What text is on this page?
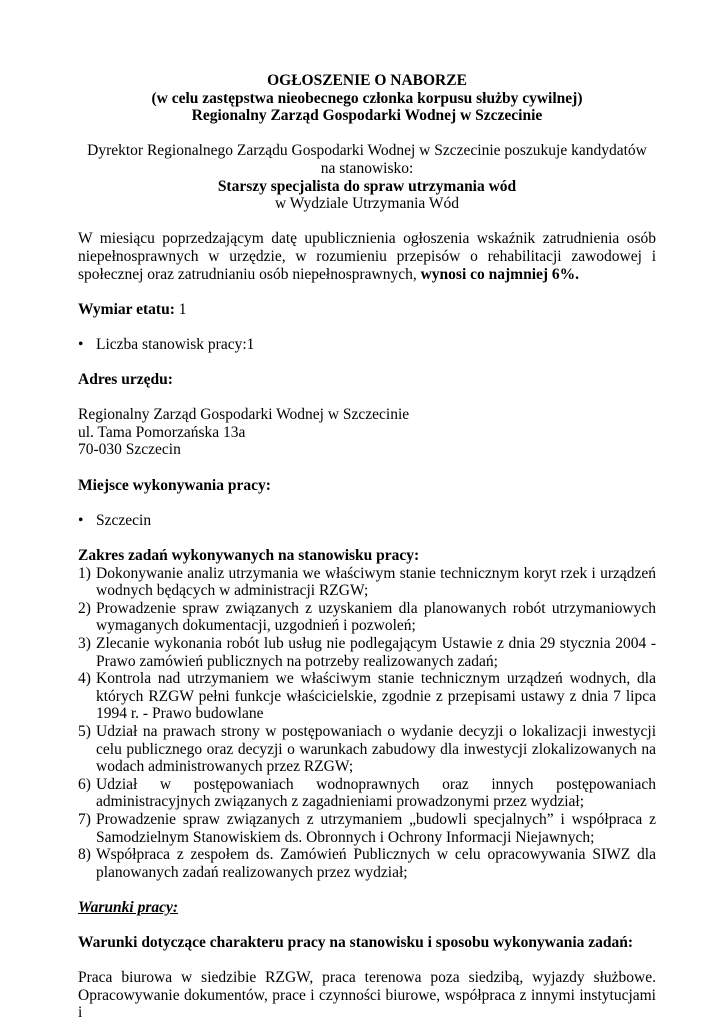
OGŁOSZENIE O NABORZE

(w celu zastępstwa nieobecnego członka korpusu służby cywilnej)

Regionalny Zarząd Gospodarki Wodnej w Szczecinie

Dyrektor Regionalnego Zarządu Gospodarki Wodnej w Szczecinie poszukuje kandydatów na stanowisko:

Starszy specjalista do spraw utrzymania wód

w Wydziale Utrzymania Wód

W miesiącu poprzedzającym datę upublicznienia ogłoszenia wskaźnik zatrudnienia osób niepełnosprawnych w urzędzie, w rozumieniu przepisów o rehabilitacji zawodowej i społecznej oraz zatrudnianiu osób niepełnosprawnych, wynosi co najmniej 6%.

Wymiar etatu: 1

• Liczba stanowisk pracy:1

Adres urzędu:

Regionalny Zarząd Gospodarki Wodnej w Szczecinie

ul. Tama Pomorzańska 13a

70-030 Szczecin

Miejsce wykonywania pracy:

• Szczecin

Zakres zadań wykonywanych na stanowisku pracy:

1) Dokonywanie analiz utrzymania we właściwym stanie technicznym koryt rzek i urządzeń wodnych będących w administracji RZGW;
2) Prowadzenie spraw związanych z uzyskaniem dla planowanych robót utrzymaniowych wymaganych dokumentacji, uzgodnień i pozwoleń;
3) Zlecanie wykonania robót lub usług nie podlegającym Ustawie z dnia 29 stycznia 2004 - Prawo zamówień publicznych na potrzeby realizowanych zadań;
4) Kontrola nad utrzymaniem we właściwym stanie technicznym urządzeń wodnych, dla których RZGW pełni funkcje właścicielskie, zgodnie z przepisami ustawy z dnia 7 lipca 1994 r. - Prawo budowlane
5) Udział na prawach strony w postępowaniach o wydanie decyzji o lokalizacji inwestycji celu publicznego oraz decyzji o warunkach zabudowy dla inwestycji zlokalizowanych na wodach administrowanych przez RZGW;
6) Udział w postępowaniach wodnoprawnych oraz innych postępowaniach administracyjnych związanych z zagadnieniami prowadzonymi przez wydział;
7) Prowadzenie spraw związanych z utrzymaniem „budowli specjalnych” i współpraca z Samodzielnym Stanowiskiem ds. Obronnych i Ochrony Informacji Niejawnych;
8) Współpraca z zespołem ds. Zamówień Publicznych w celu opracowywania SIWZ dla planowanych zadań realizowanych przez wydział;

Warunki pracy:

Warunki dotyczące charakteru pracy na stanowisku i sposobu wykonywania zadań:

Praca biurowa w siedzibie RZGW, praca terenowa poza siedzibą, wyjazdy służbowe. Opracowywanie dokumentów, prace i czynności biurowe, współpraca z innymi instytucjami i
